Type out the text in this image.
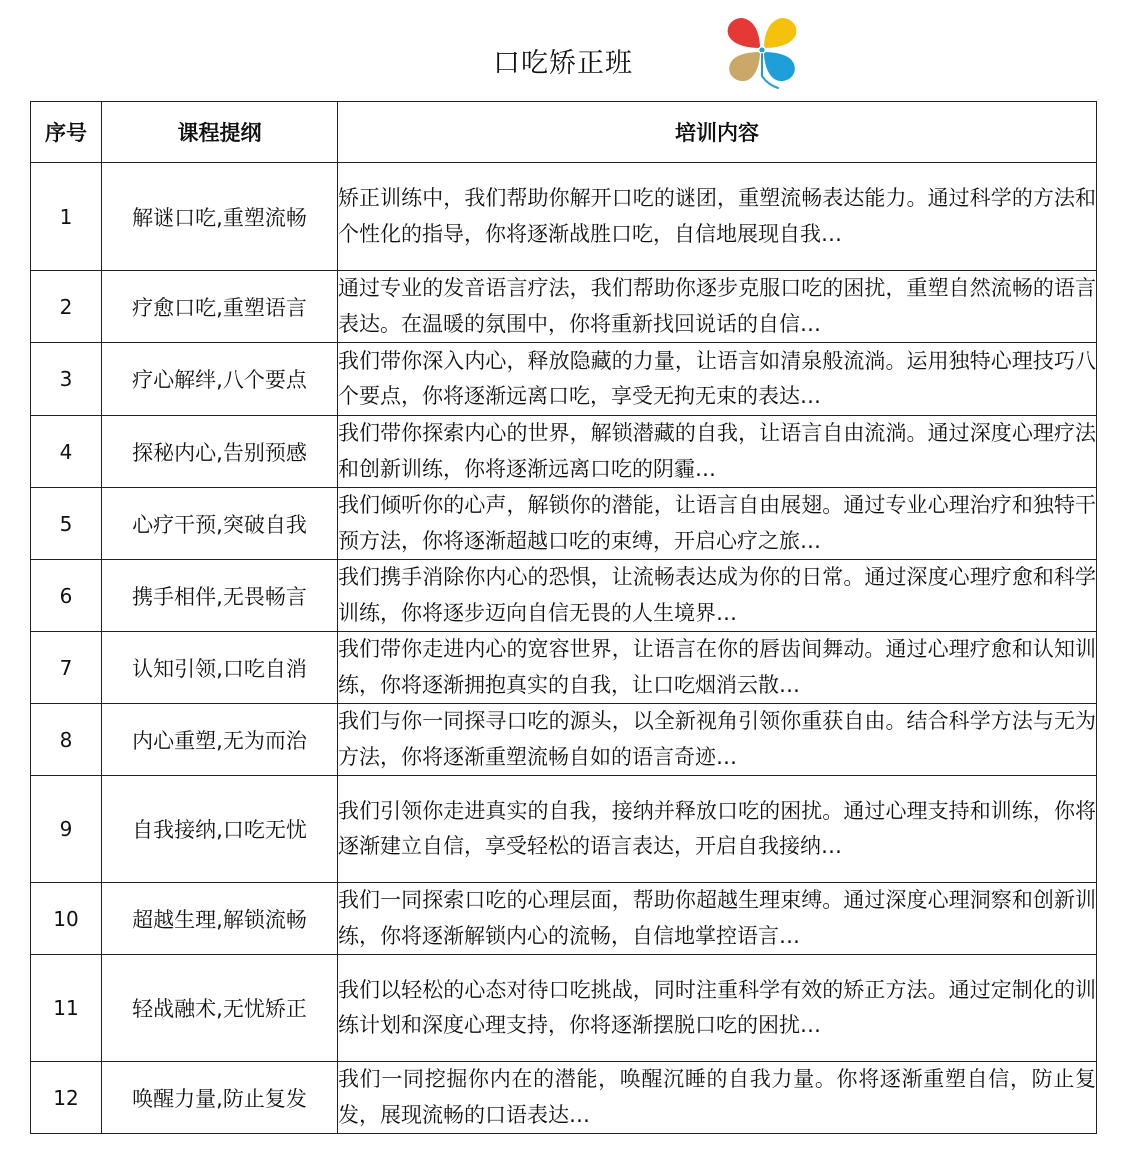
口吃矫正班
序号	课程提纲	培训内容
1	解谜口吃,重塑流畅	矫正训练中，我们帮助你解开口吃的谜团，重塑流畅表达能力。通过科学的方法和个性化的指导，你将逐渐战胜口吃，自信地展现自我…
2	疗愈口吃,重塑语言	通过专业的发音语言疗法，我们帮助你逐步克服口吃的困扰，重塑自然流畅的语言表达。在温暖的氛围中，你将重新找回说话的自信…
3	疗心解绊,八个要点	我们带你深入内心，释放隐藏的力量，让语言如清泉般流淌。运用独特心理技巧八个要点，你将逐渐远离口吃，享受无拘无束的表达…
4	探秘内心,告别预感	我们带你探索内心的世界，解锁潜藏的自我，让语言自由流淌。通过深度心理疗法和创新训练，你将逐渐远离口吃的阴霾…
5	心疗干预,突破自我	我们倾听你的心声，解锁你的潜能，让语言自由展翅。通过专业心理治疗和独特干预方法，你将逐渐超越口吃的束缚，开启心疗之旅…
6	携手相伴,无畏畅言	我们携手消除你内心的恐惧，让流畅表达成为你的日常。通过深度心理疗愈和科学训练，你将逐步迈向自信无畏的人生境界…
7	认知引领,口吃自消	我们带你走进内心的宽容世界，让语言在你的唇齿间舞动。通过心理疗愈和认知训练，你将逐渐拥抱真实的自我，让口吃烟消云散…
8	内心重塑,无为而治	我们与你一同探寻口吃的源头，以全新视角引领你重获自由。结合科学方法与无为方法，你将逐渐重塑流畅自如的语言奇迹…
9	自我接纳,口吃无忧	我们引领你走进真实的自我，接纳并释放口吃的困扰。通过心理支持和训练，你将逐渐建立自信，享受轻松的语言表达，开启自我接纳…
10	超越生理,解锁流畅	我们一同探索口吃的心理层面，帮助你超越生理束缚。通过深度心理洞察和创新训练，你将逐渐解锁内心的流畅，自信地掌控语言…
11	轻战融术,无忧矫正	我们以轻松的心态对待口吃挑战，同时注重科学有效的矫正方法。通过定制化的训练计划和深度心理支持，你将逐渐摆脱口吃的困扰…
12	唤醒力量,防止复发	我们一同挖掘你内在的潜能，唤醒沉睡的自我力量。你将逐渐重塑自信，防止复发，展现流畅的口语表达…
